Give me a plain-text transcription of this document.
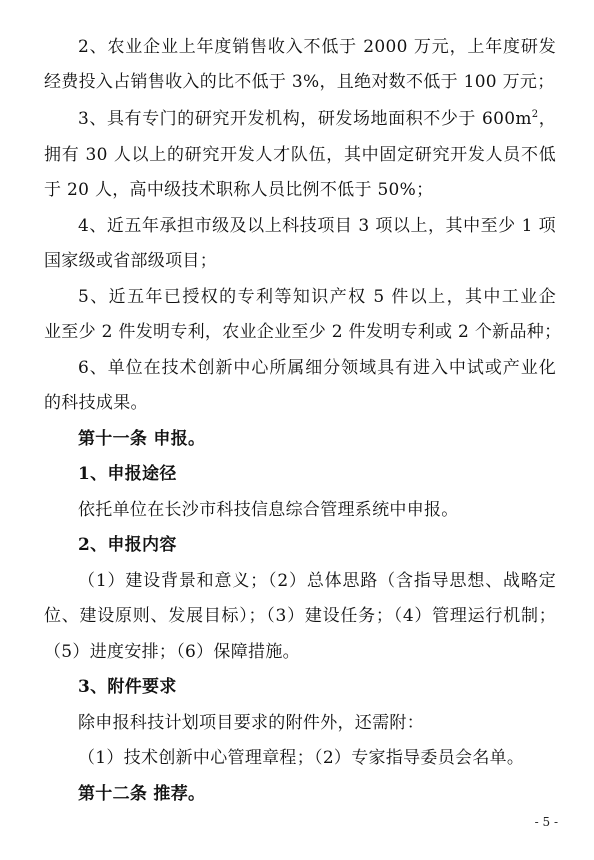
2、农业企业上年度销售收入不低于 2000 万元，上年度研发
经费投入占销售收入的比不低于 3%，且绝对数不低于 100 万元；
3、具有专门的研究开发机构，研发场地面积不少于 $600m^2$，
拥有 30 人以上的研究开发人才队伍，其中固定研究开发人员不低
于 20 人，高中级技术职称人员比例不低于 50%；
4、近五年承担市级及以上科技项目 3 项以上，其中至少 1 项
国家级或省部级项目；
5、近五年已授权的专利等知识产权 5 件以上，其中工业企
业至少 2 件发明专利，农业企业至少 2 件发明专利或 2 个新品种；
6、单位在技术创新中心所属细分领域具有进入中试或产业化
的科技成果。
第十一条 申报。
1、申报途径
依托单位在长沙市科技信息综合管理系统中申报。
2、申报内容
（1）建设背景和意义；（2）总体思路（含指导思想、战略定
位、建设原则、发展目标）；（3）建设任务；（4）管理运行机制；
（5）进度安排；（6）保障措施。
3、附件要求
除申报科技计划项目要求的附件外，还需附：
（1）技术创新中心管理章程；（2）专家指导委员会名单。
第十二条 推荐。
- 5 -
